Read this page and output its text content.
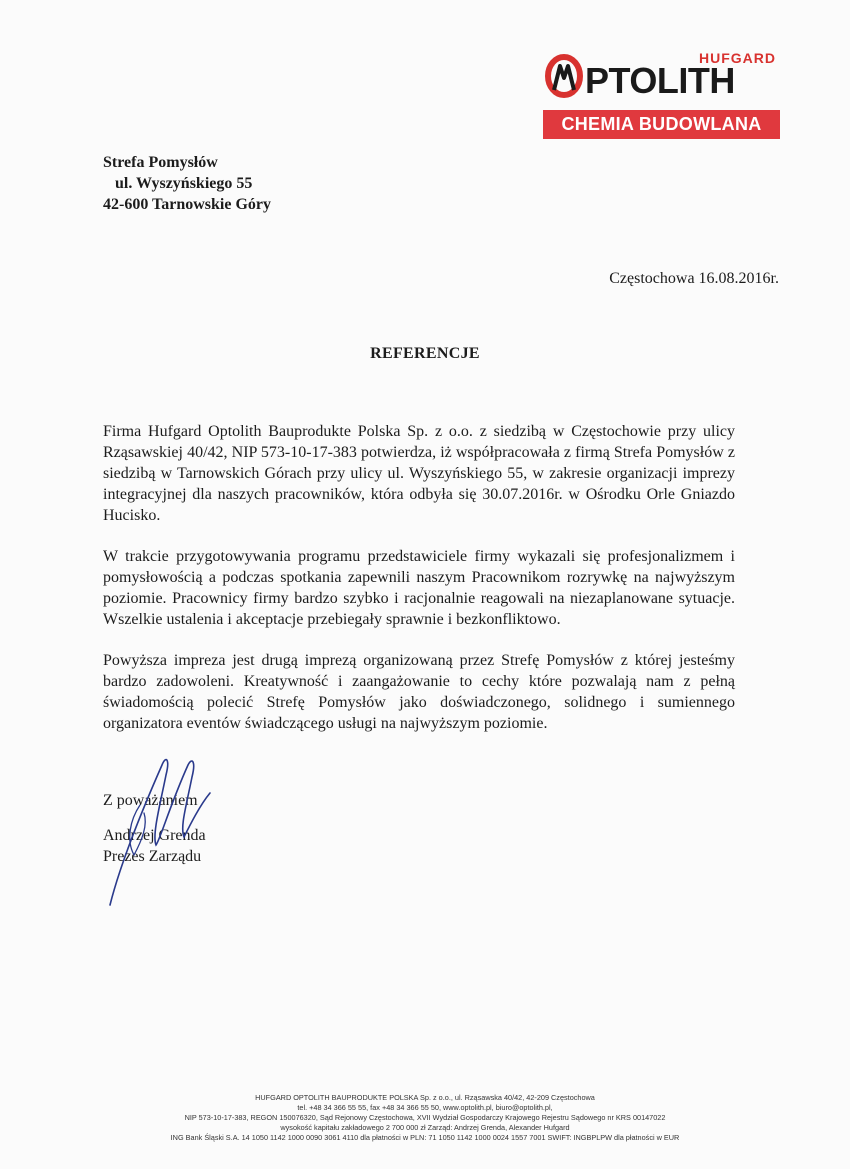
HUFGARD
PTOLITH
CHEMIA BUDOWLANA
Strefa Pomysłów
ul. Wyszyńskiego 55
42-600 Tarnowskie Góry
Częstochowa 16.08.2016r.
REFERENCJE

Firma Hufgard Optolith Bauprodukte Polska Sp. z o.o. z siedzibą w Częstochowie przy ulicy Rząsawskiej 40/42, NIP 573-10-17-383 potwierdza, iż współpracowała z firmą Strefa Pomysłów z siedzibą w Tarnowskich Górach przy ulicy ul. Wyszyńskiego 55, w zakresie organizacji imprezy integracyjnej dla naszych pracowników, która odbyła się 30.07.2016r. w Ośrodku Orle Gniazdo Hucisko.

W trakcie przygotowywania programu przedstawiciele firmy wykazali się profesjonalizmem i pomysłowością a podczas spotkania zapewnili naszym Pracownikom rozrywkę na najwyższym poziomie. Pracownicy firmy bardzo szybko i racjonalnie reagowali na niezaplanowane sytuacje. Wszelkie ustalenia i akceptacje przebiegały sprawnie i bezkonfliktowo.

Powyższa impreza jest drugą imprezą organizowaną przez Strefę Pomysłów z której jesteśmy bardzo zadowoleni. Kreatywność i zaangażowanie to cechy które pozwalają nam z pełną świadomością polecić Strefę Pomysłów jako doświadczonego, solidnego i sumiennego organizatora eventów świadczącego usługi na najwyższym poziomie.

Z poważaniem
Andrzej Grenda
Prezes Zarządu
HUFGARD OPTOLITH BAUPRODUKTE POLSKA Sp. z o.o., ul. Rząsawska 40/42, 42-209 Częstochowa
tel. +48 34 366 55 55, fax +48 34 366 55 50, www.optolith.pl, biuro@optolith.pl,
NIP 573-10-17-383, REGON 150076320, Sąd Rejonowy Częstochowa, XVII Wydział Gospodarczy Krajowego Rejestru Sądowego nr KRS 00147022
wysokość kapitału zakładowego 2 700 000 zł Zarząd: Andrzej Grenda, Alexander Hufgard
ING Bank Śląski S.A. 14 1050 1142 1000 0090 3061 4110 dla płatności w PLN: 71 1050 1142 1000 0024 1557 7001 SWIFT: INGBPLPW dla płatności w EUR
